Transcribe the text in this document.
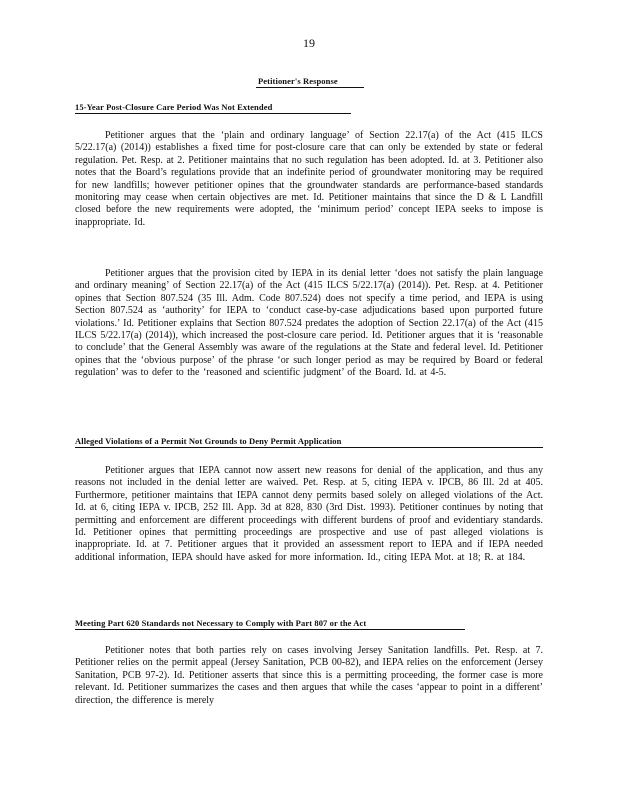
19
Petitioner's Response
15-Year Post-Closure Care Period Was Not Extended

Petitioner argues that the ‘plain and ordinary language’ of Section 22.17(a) of the Act (415 ILCS 5/22.17(a) (2014)) establishes a fixed time for post-closure care that can only be extended by state or federal regulation. Pet. Resp. at 2. Petitioner maintains that no such regulation has been adopted. Id. at 3. Petitioner also notes that the Board’s regulations provide that an indefinite period of groundwater monitoring may be required for new landfills; however petitioner opines that the groundwater standards are performance-based standards monitoring may cease when certain objectives are met. Id. Petitioner maintains that since the D & L Landfill closed before the new requirements were adopted, the ‘minimum period’ concept IEPA seeks to impose is inappropriate. Id.

Petitioner argues that the provision cited by IEPA in its denial letter ‘does not satisfy the plain language and ordinary meaning’ of Section 22.17(a) of the Act (415 ILCS 5/22.17(a) (2014)). Pet. Resp. at 4. Petitioner opines that Section 807.524 (35 Ill. Adm. Code 807.524) does not specify a time period, and IEPA is using Section 807.524 as ‘authority’ for IEPA to ‘conduct case-by-case adjudications based upon purported future violations.’ Id. Petitioner explains that Section 807.524 predates the adoption of Section 22.17(a) of the Act (415 ILCS 5/22.17(a) (2014)), which increased the post-closure care period. Id. Petitioner argues that it is ‘reasonable to conclude’ that the General Assembly was aware of the regulations at the State and federal level. Id. Petitioner opines that the ‘obvious purpose’ of the phrase ‘or such longer period as may be required by Board or federal regulation’ was to defer to the ‘reasoned and scientific judgment’ of the Board. Id. at 4-5.

Alleged Violations of a Permit Not Grounds to Deny Permit Application

Petitioner argues that IEPA cannot now assert new reasons for denial of the application, and thus any reasons not included in the denial letter are waived. Pet. Resp. at 5, citing IEPA v. IPCB, 86 Ill. 2d at 405. Furthermore, petitioner maintains that IEPA cannot deny permits based solely on alleged violations of the Act. Id. at 6, citing IEPA v. IPCB, 252 Ill. App. 3d at 828, 830 (3rd Dist. 1993). Petitioner continues by noting that permitting and enforcement are different proceedings with different burdens of proof and evidentiary standards. Id. Petitioner opines that permitting proceedings are prospective and use of past alleged violations is inappropriate. Id. at 7. Petitioner argues that it provided an assessment report to IEPA and if IEPA needed additional information, IEPA should have asked for more information. Id., citing IEPA Mot. at 18; R. at 184.

Meeting Part 620 Standards not Necessary to Comply with Part 807 or the Act

Petitioner notes that both parties rely on cases involving Jersey Sanitation landfills. Pet. Resp. at 7. Petitioner relies on the permit appeal (Jersey Sanitation, PCB 00-82), and IEPA relies on the enforcement (Jersey Sanitation, PCB 97-2). Id. Petitioner asserts that since this is a permitting proceeding, the former case is more relevant. Id. Petitioner summarizes the cases and then argues that while the cases ‘appear to point in a different’ direction, the difference is merely
